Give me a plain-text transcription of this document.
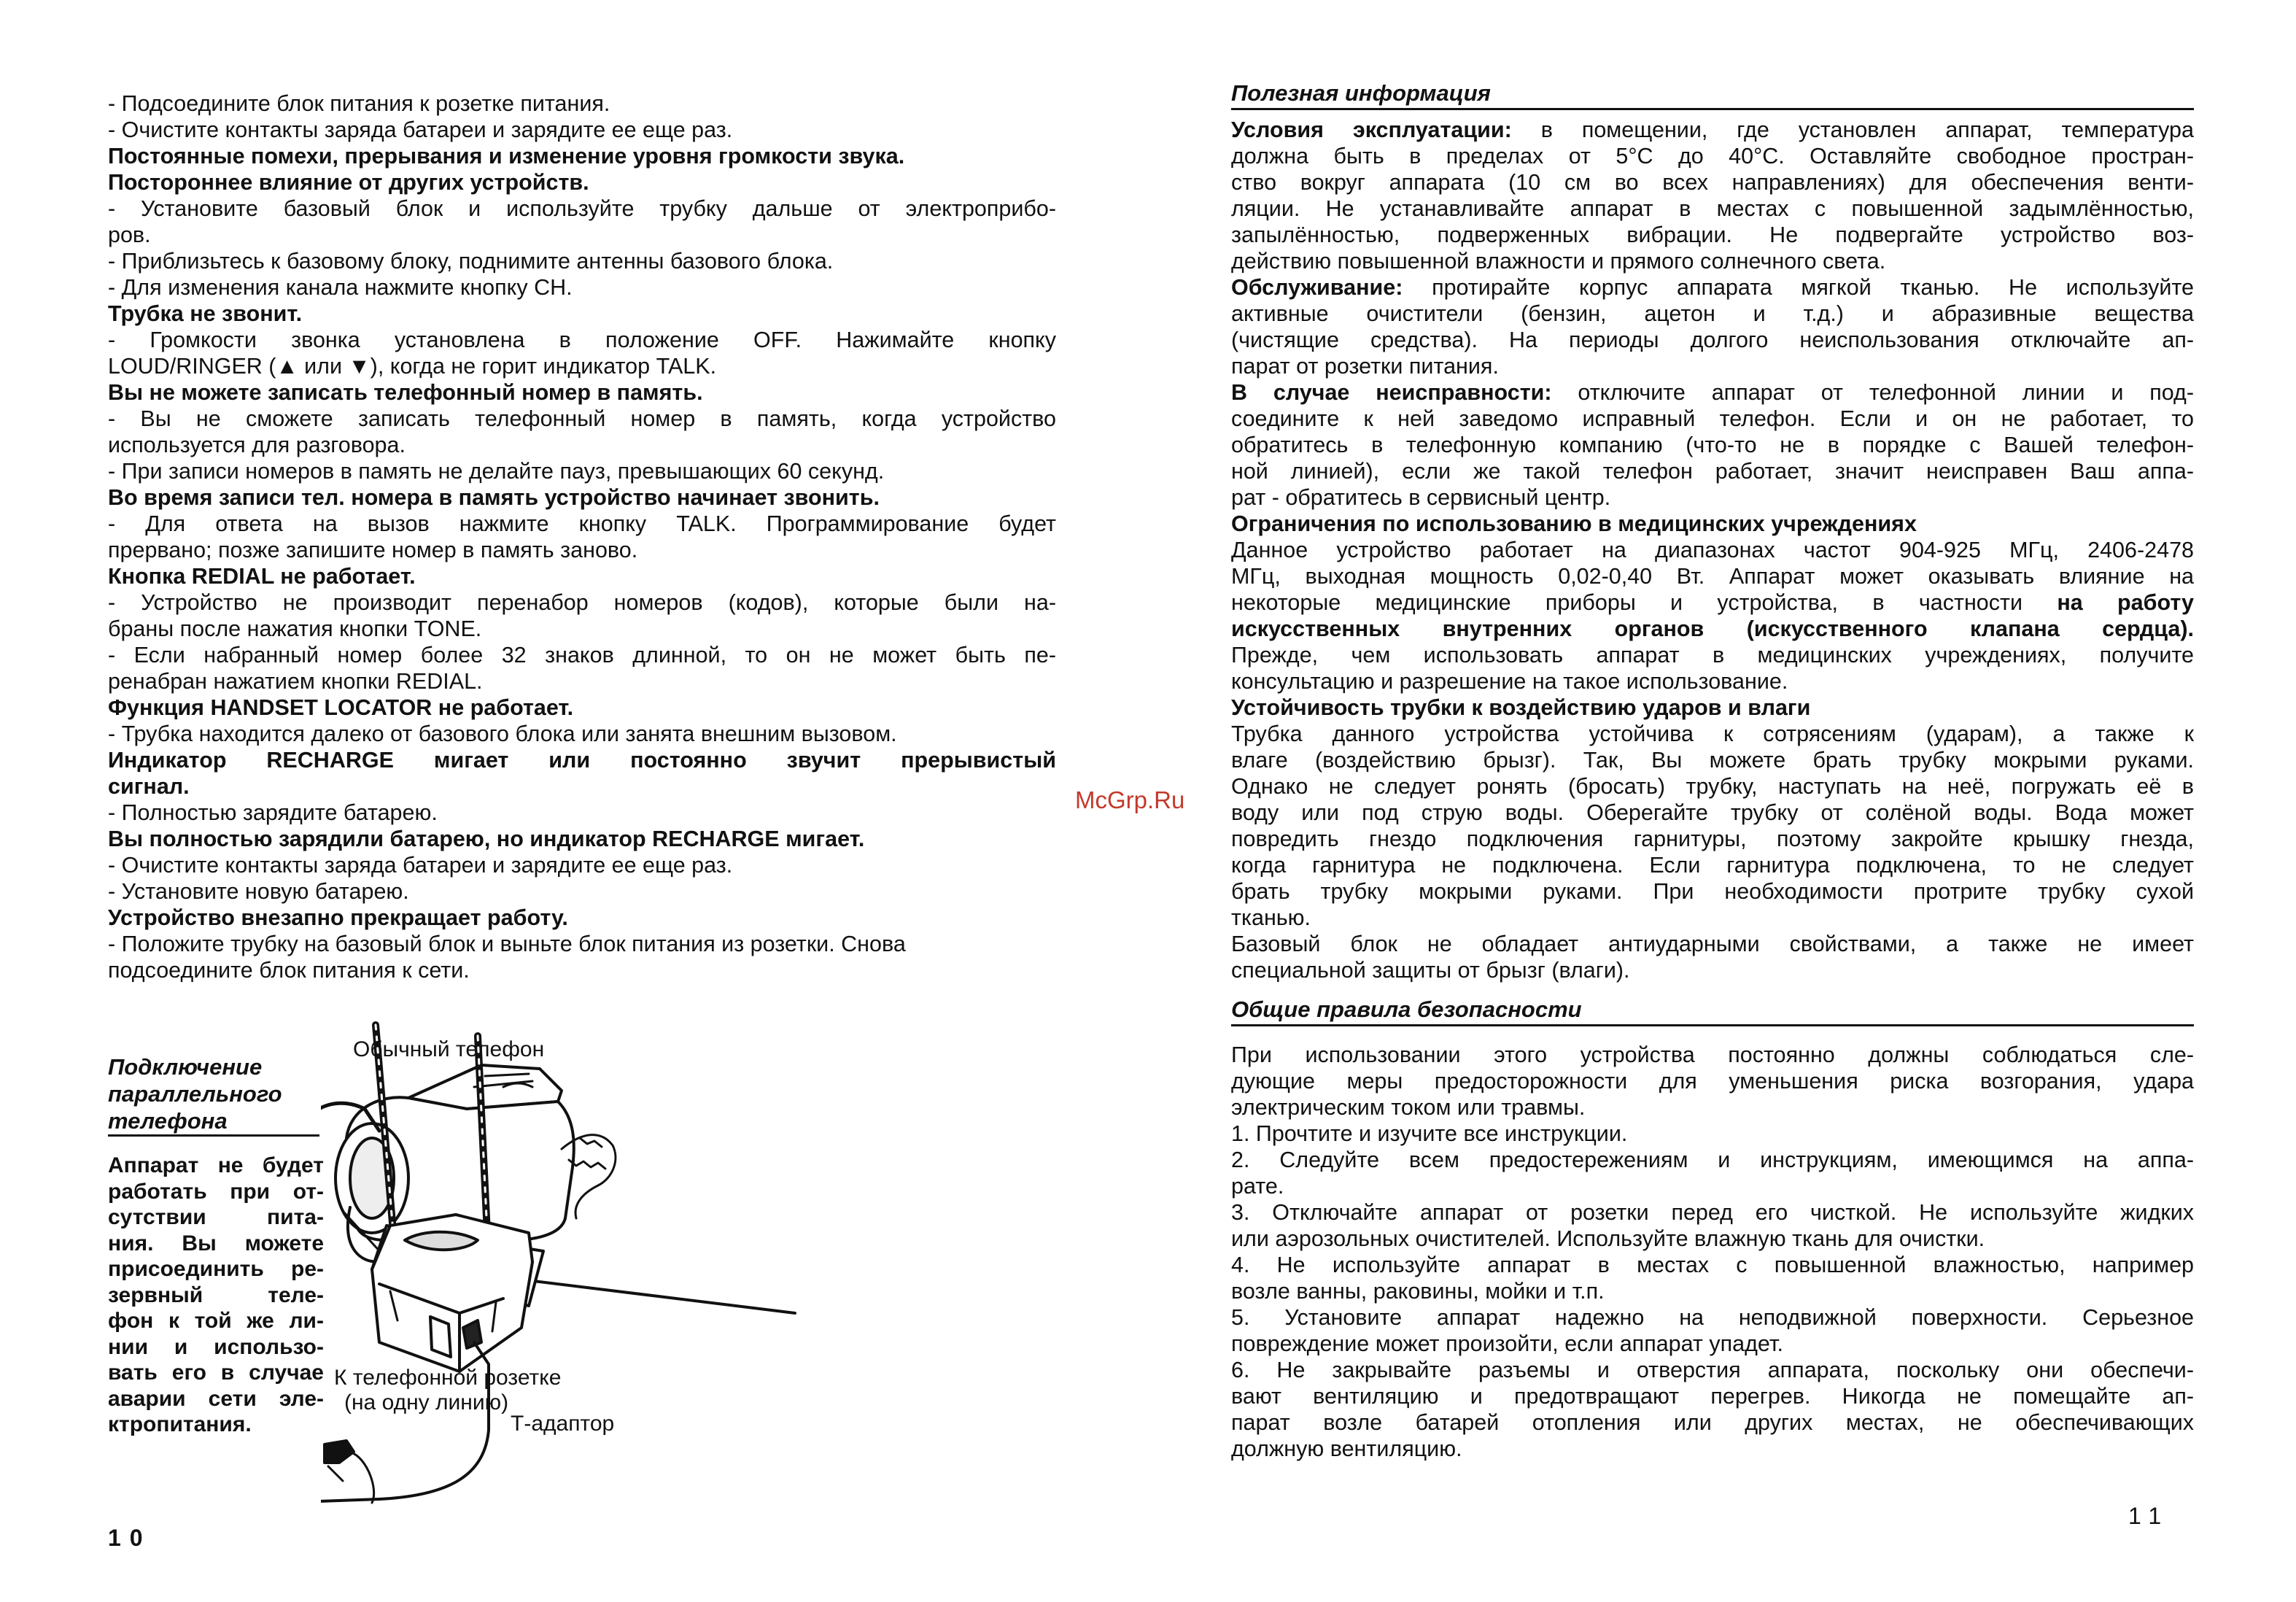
- Подсоедините блок питания к розетке питания.
- Очистите контакты заряда батареи и зарядите ее еще раз.
Постоянные помехи, прерывания и изменение уровня громкости звука.
Постороннее влияние от других устройств.
- Установите базовый блок и используйте трубку дальше от электроприбо-
ров.
- Приблизьтесь к базовому блоку, поднимите антенны базового блока.
- Для изменения канала нажмите кнопку CH.
Трубка не звонит.
- Громкости звонка установлена в положение OFF. Нажимайте кнопку
LOUD/RINGER (▲ или ▼), когда не горит индикатор TALK.
Вы не можете записать телефонный номер в память.
- Вы не сможете записать телефонный номер в память, когда устройство
используется для разговора.
- При записи номеров в память не делайте пауз, превышающих 60 секунд.
Во время записи тел. номера в память устройство начинает звонить.
- Для ответа на вызов нажмите кнопку TALK. Программирование будет
прервано; позже запишите номер в память заново.
Кнопка REDIAL не работает.
- Устройство не производит перенабор номеров (кодов), которые были на-
браны после нажатия кнопки TONE.
- Если набранный номер более 32 знаков длинной, то он не может быть пе-
ренабран нажатием кнопки REDIAL.
Функция HANDSET LOCATOR не работает.
- Трубка находится далеко от базового блока или занята внешним вызовом.
Индикатор RECHARGE мигает или постоянно звучит прерывистый
сигнал.
- Полностью зарядите батарею.
Вы полностью зарядили батарею, но индикатор RECHARGE мигает.
- Очистите контакты заряда батареи и зарядите ее еще раз.
- Установите новую батарею.
Устройство внезапно прекращает работу.
- Положите трубку на базовый блок и выньте блок питания из розетки. Снова
подсоедините блок питания к сети.
Подключение
параллельного
телефона
Аппарат не будет
работать при от-
сутствии пита-
ния. Вы можете
присоединить ре-
зервный теле-
фон к той же ли-
нии и использо-
вать его в случае
аварии сети эле-
ктропитания.
Обычный телефон
К телефонной розетке
(на одну линию)
Т-адаптор
10
McGrp.Ru
Полезная информация
Условия эксплуатации: в помещении, где установлен аппарат, температура
должна быть в пределах от 5°С до 40°С. Оставляйте свободное простран-
ство вокруг аппарата (10 см во всех направлениях) для обеспечения венти-
ляции. Не устанавливайте аппарат в местах с повышенной задымлённостью,
запылённостью, подверженных вибрации. Не подвергайте устройство воз-
действию повышенной влажности и прямого солнечного света.
Обслуживание: протирайте корпус аппарата мягкой тканью. Не используйте
активные очистители (бензин, ацетон и т.д.) и абразивные вещества
(чистящие средства). На периоды долгого неиспользования отключайте ап-
парат от розетки питания.
В случае неисправности: отключите аппарат от телефонной линии и под-
соедините к ней заведомо исправный телефон. Если и он не работает, то
обратитесь в телефонную компанию (что-то не в порядке с Вашей телефон-
ной линией), если же такой телефон работает, значит неисправен Ваш аппа-
рат - обратитесь в сервисный центр.
Ограничения по использованию в медицинских учреждениях
Данное устройство работает на диапазонах частот 904-925 МГц, 2406-2478
МГц, выходная мощность 0,02-0,40 Вт. Аппарат может оказывать влияние на
некоторые медицинские приборы и устройства, в частности на работу
искусственных внутренних органов (искусственного клапана сердца).
Прежде, чем использовать аппарат в медицинских учреждениях, получите
консультацию и разрешение на такое использование.
Устойчивость трубки к воздействию ударов и влаги
Трубка данного устройства устойчива к сотрясениям (ударам), а также к
влаге (воздействию брызг). Так, Вы можете брать трубку мокрыми руками.
Однако не следует ронять (бросать) трубку, наступать на неё, погружать её в
воду или под струю воды. Оберегайте трубку от солёной воды. Вода может
повредить гнездо подключения гарнитуры, поэтому закройте крышку гнезда,
когда гарнитура не подключена. Если гарнитура подключена, то не следует
брать трубку мокрыми руками. При необходимости протрите трубку сухой
тканью.
Базовый блок не обладает антиударными свойствами, а также не имеет
специальной защиты от брызг (влаги).
Общие правила безопасности
При использовании этого устройства постоянно должны соблюдаться сле-
дующие меры предосторожности для уменьшения риска возгорания, удара
электрическим током или травмы.
1. Прочтите и изучите все инструкции.
2. Следуйте всем предостережениям и инструкциям, имеющимся на аппа-
рате.
3. Отключайте аппарат от розетки перед его чисткой. Не используйте жидких
или аэрозольных очистителей. Используйте влажную ткань для очистки.
4. Не используйте аппарат в местах с повышенной влажностью, например
возле ванны, раковины, мойки и т.п.
5. Установите аппарат надежно на неподвижной поверхности. Серьезное
повреждение может произойти, если аппарат упадет.
6. Не закрывайте разъемы и отверстия аппарата, поскольку они обеспечи-
вают вентиляцию и предотвращают перегрев. Никогда не помещайте ап-
парат возле батарей отопления или других местах, не обеспечивающих
должную вентиляцию.
11
